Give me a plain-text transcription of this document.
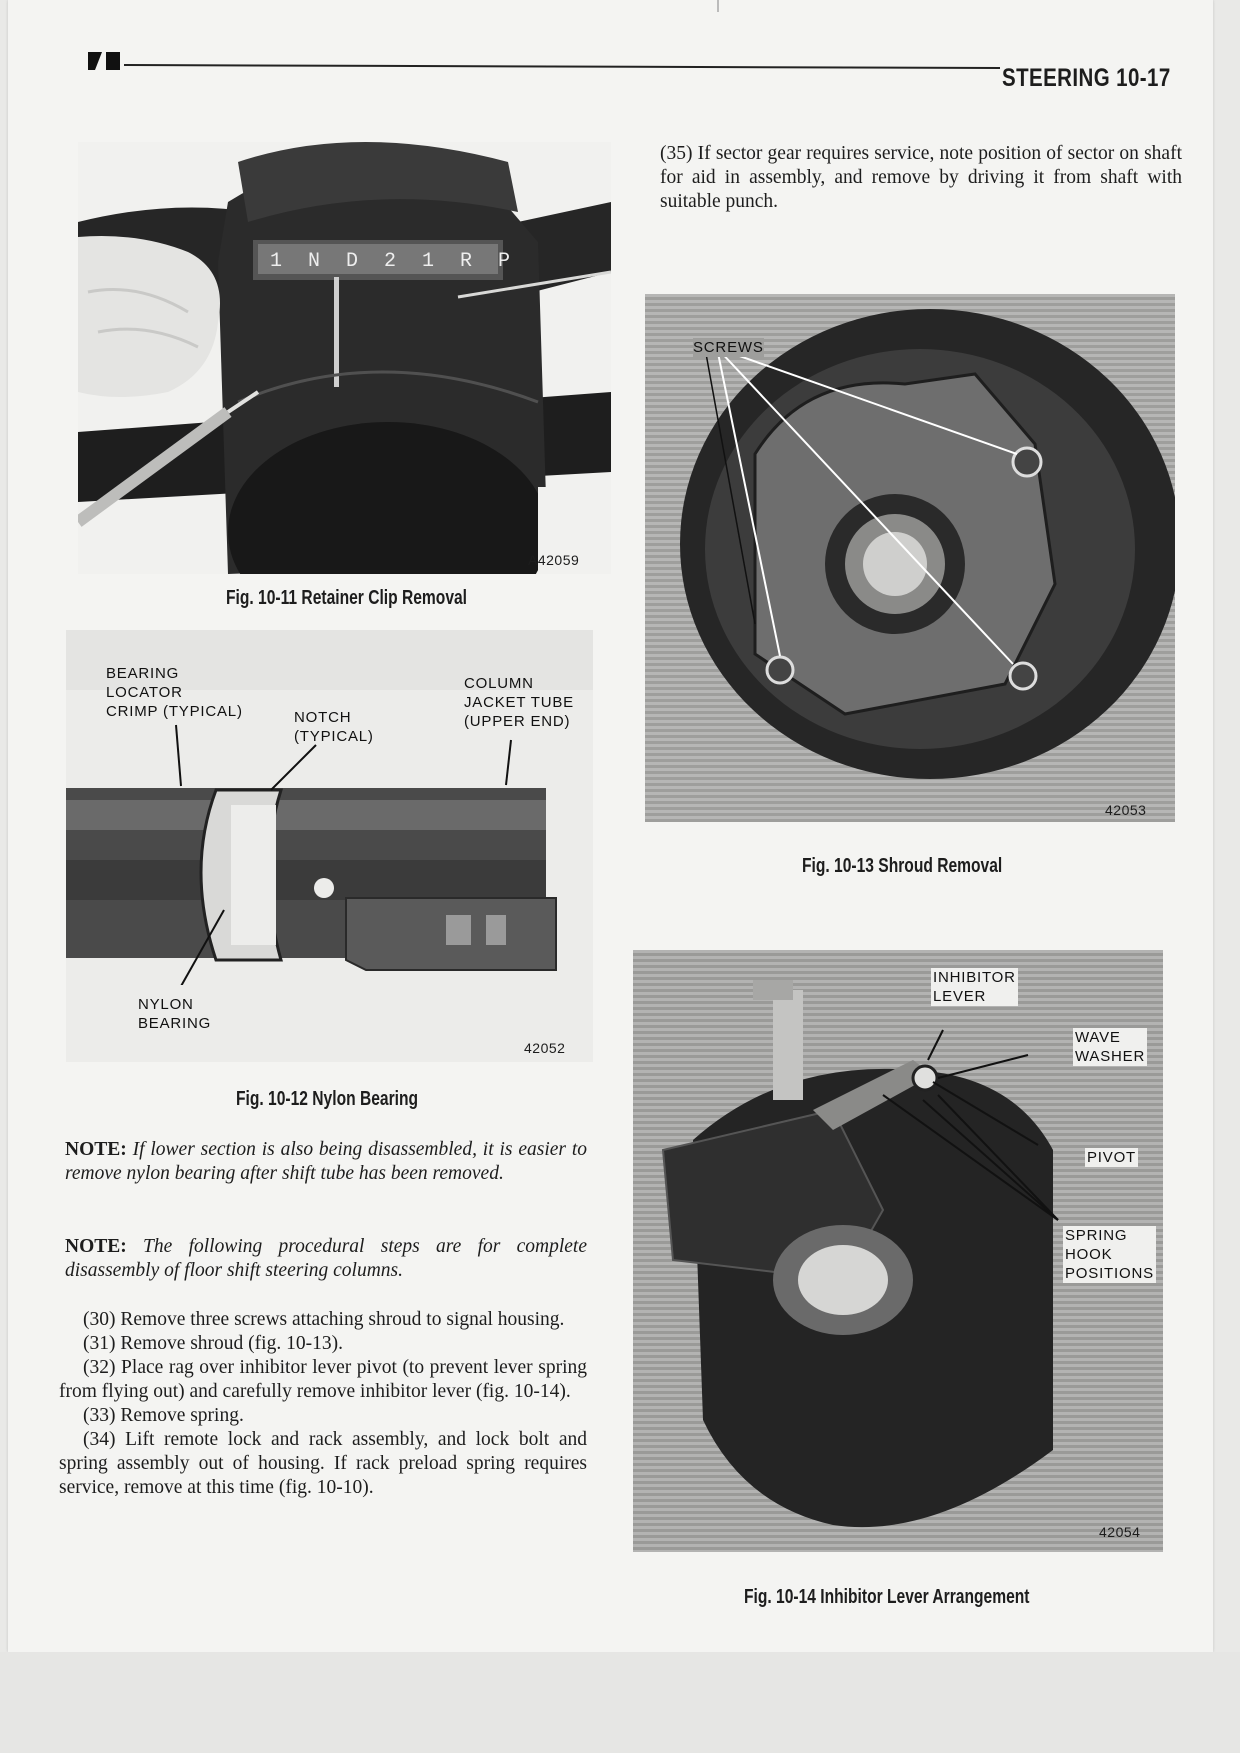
STEERING 10-17
1 N D 2 1 R P
A42059
Fig. 10-11 Retainer Clip Removal
BEARING
LOCATOR
CRIMP (TYPICAL)	NOTCH
(TYPICAL)
COLUMN
JACKET TUBE
(UPPER END)
NYLON
BEARING
42052
Fig. 10-12 Nylon Bearing
SCREWS
42053
Fig. 10-13 Shroud Removal
INHIBITOR
LEVER
WAVE
WASHER
PIVOT
SPRING
HOOK
POSITIONS
42054
Fig. 10-14 Inhibitor Lever Arrangement

(35) If sector gear requires service, note position of sector on shaft for aid in assembly, and remove by driving it from shaft with suitable punch.

NOTE: If lower section is also being disassembled, it is easier to remove nylon bearing after shift tube has been removed.

NOTE: The following procedural steps are for complete disassembly of floor shift steering columns.

(30) Remove three screws attaching shroud to signal housing.

(31) Remove shroud (fig. 10-13).

(32) Place rag over inhibitor lever pivot (to prevent lever spring from flying out) and carefully remove inhibitor lever (fig. 10-14).

(33) Remove spring.

(34) Lift remote lock and rack assembly, and lock bolt and spring assembly out of housing. If rack preload spring requires service, remove at this time (fig. 10-10).
